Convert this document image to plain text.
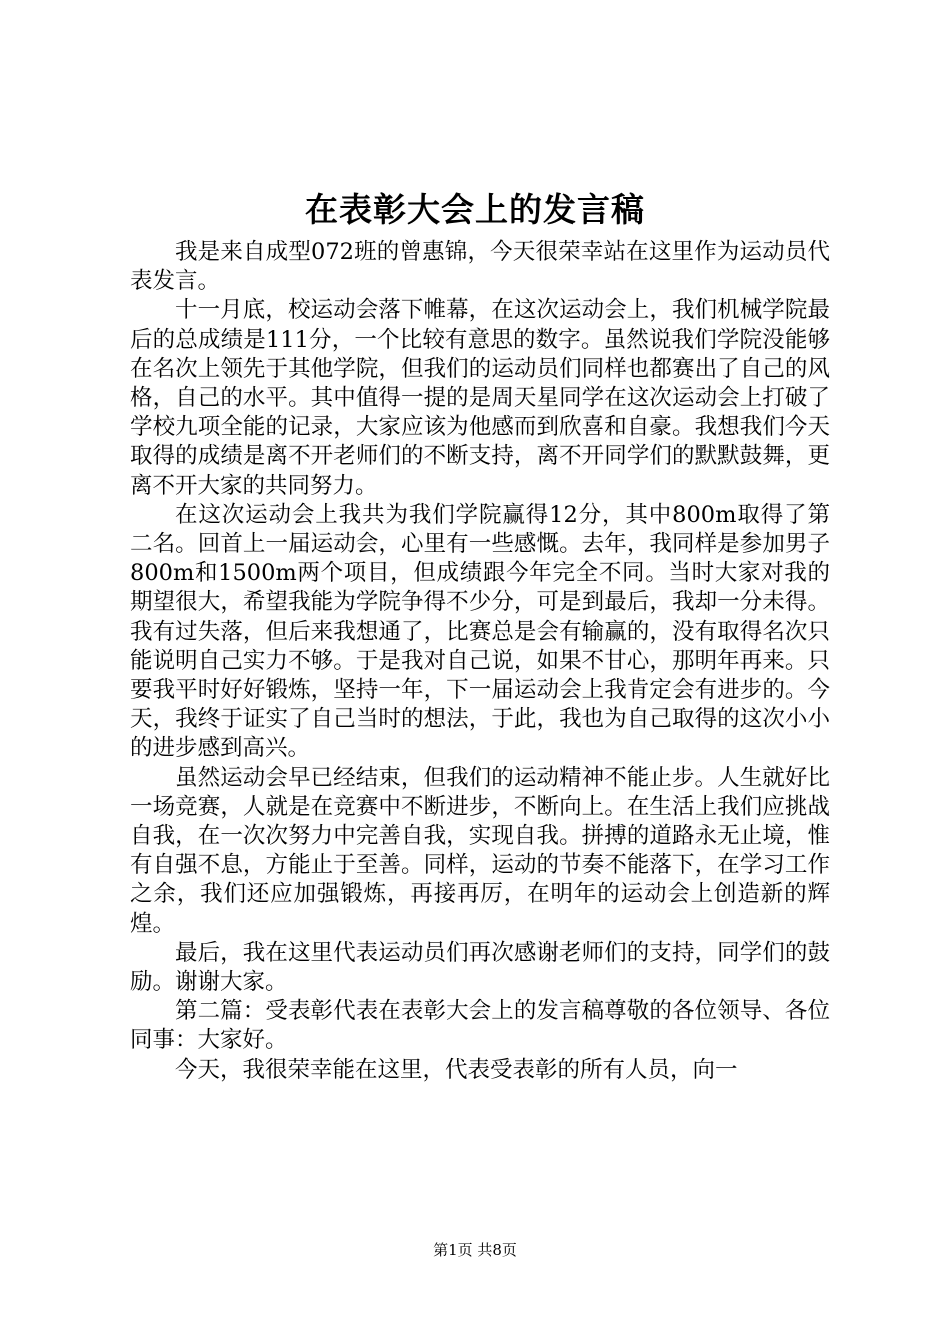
在表彰大会上的发言稿

我是来自成型072班的曾惠锦，今天很荣幸站在这里作为运动员代表发言。

十一月底，校运动会落下帷幕，在这次运动会上，我们机械学院最后的总成绩是111分，一个比较有意思的数字。虽然说我们学院没能够在名次上领先于其他学院，但我们的运动员们同样也都赛出了自己的风格，自己的水平。其中值得一提的是周天星同学在这次运动会上打破了学校九项全能的记录，大家应该为他感而到欣喜和自豪。我想我们今天取得的成绩是离不开老师们的不断支持，离不开同学们的默默鼓舞，更离不开大家的共同努力。

在这次运动会上我共为我们学院赢得12分，其中800m取得了第二名。回首上一届运动会，心里有一些感慨。去年，我同样是参加男子800m和1500m两个项目，但成绩跟今年完全不同。当时大家对我的期望很大，希望我能为学院争得不少分，可是到最后，我却一分未得。我有过失落，但后来我想通了，比赛总是会有输赢的，没有取得名次只能说明自己实力不够。于是我对自己说，如果不甘心，那明年再来。只要我平时好好锻炼，坚持一年，下一届运动会上我肯定会有进步的。今天，我终于证实了自己当时的想法，于此，我也为自己取得的这次小小的进步感到高兴。

虽然运动会早已经结束，但我们的运动精神不能止步。人生就好比一场竞赛，人就是在竞赛中不断进步，不断向上。在生活上我们应挑战自我，在一次次努力中完善自我，实现自我。拼搏的道路永无止境，惟有自强不息，方能止于至善。同样，运动的节奏不能落下，在学习工作之余，我们还应加强锻炼，再接再厉，在明年的运动会上创造新的辉煌。

最后，我在这里代表运动员们再次感谢老师们的支持，同学们的鼓励。谢谢大家。

第二篇：受表彰代表在表彰大会上的发言稿尊敬的各位领导、各位同事：大家好。

今天，我很荣幸能在这里，代表受表彰的所有人员，向一

第1页 共8页
